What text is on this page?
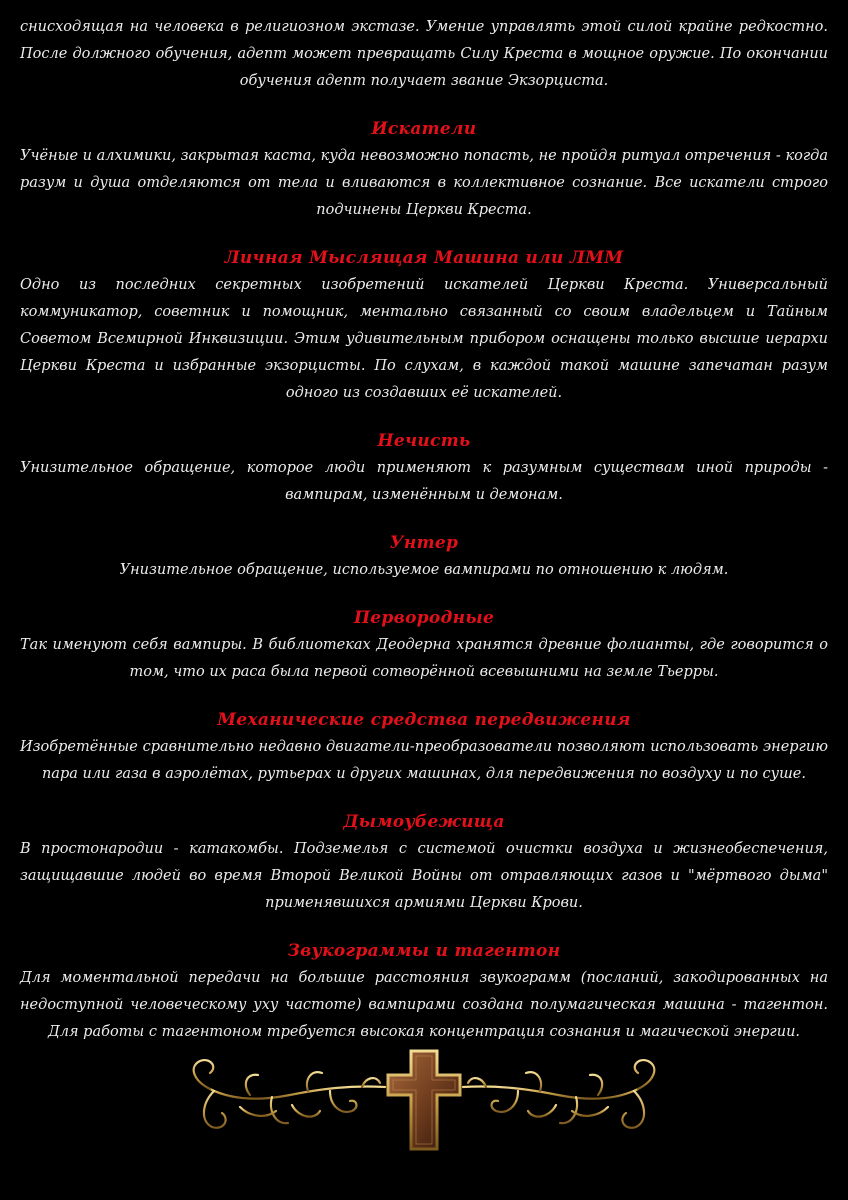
снисходящая на человека в религиозном экстазе. Умение управлять этой силой крайне редкостно. После должного обучения, адепт может превращать Силу Креста в мощное оружие. По окончании обучения адепт получает звание Экзорциста.

Искатели

Учёные и алхимики, закрытая каста, куда невозможно попасть, не пройдя ритуал отречения - когда разум и душа отделяются от тела и вливаются в коллективное сознание. Все искатели строго подчинены Церкви Креста.

Личная Мыслящая Машина или ЛММ

Одно из последних секретных изобретений искателей Церкви Креста. Универсальный коммуникатор, советник и помощник, ментально связанный со своим владельцем и Тайным Советом Всемирной Инквизиции. Этим удивительным прибором оснащены только высшие иерархи Церкви Креста и избранные экзорцисты. По слухам, в каждой такой машине запечатан разум одного из создавших её искателей.

Нечисть

Унизительное обращение, которое люди применяют к разумным существам иной природы - вампирам, изменённым и демонам.

Унтер

Унизительное обращение, используемое вампирами по отношению к людям.

Первородные

Так именуют себя вампиры. В библиотеках Деодерна хранятся древние фолианты, где говорится о том, что их раса была первой сотворённой всевышними на земле Тьерры.

Механические средства передвижения

Изобретённые сравнительно недавно двигатели-преобразователи позволяют использовать энергию пара или газа в аэролётах, рутьерах и других машинах, для передвижения по воздуху и по суше.

Дымоубежища

В простонародии - катакомбы. Подземелья с системой очистки воздуха и жизнеобеспечения, защищавшие людей во время Второй Великой Войны от отравляющих газов и "мёртвого дыма" применявшихся армиями Церкви Крови.

Звукограммы и тагентон

Для моментальной передачи на большие расстояния звукограмм (посланий, закодированных на недоступной человеческому уху частоте) вампирами создана полумагическая машина - тагентон. Для работы с тагентоном требуется высокая концентрация сознания и магической энергии.
